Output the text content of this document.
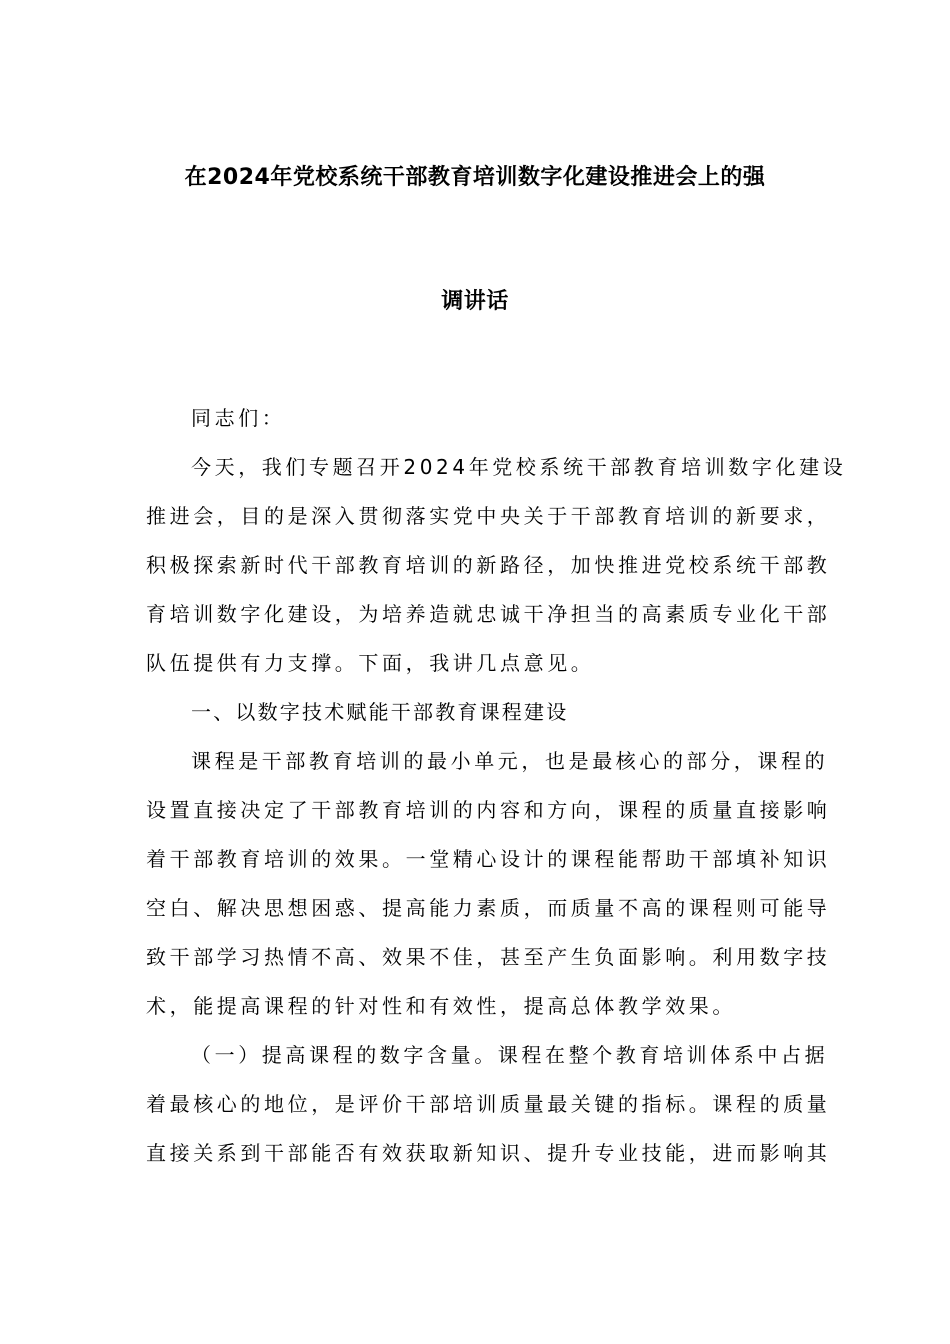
在2024年党校系统干部教育培训数字化建设推进会上的强
调讲话
同志们：
今天，我们专题召开2024年党校系统干部教育培训数字化建设
推进会，目的是深入贯彻落实党中央关于干部教育培训的新要求，
积极探索新时代干部教育培训的新路径，加快推进党校系统干部教
育培训数字化建设，为培养造就忠诚干净担当的高素质专业化干部
队伍提供有力支撑。下面，我讲几点意见。
一、以数字技术赋能干部教育课程建设
课程是干部教育培训的最小单元，也是最核心的部分，课程的
设置直接决定了干部教育培训的内容和方向，课程的质量直接影响
着干部教育培训的效果。一堂精心设计的课程能帮助干部填补知识
空白、解决思想困惑、提高能力素质，而质量不高的课程则可能导
致干部学习热情不高、效果不佳，甚至产生负面影响。利用数字技
术，能提高课程的针对性和有效性，提高总体教学效果。
（一）提高课程的数字含量。课程在整个教育培训体系中占据
着最核心的地位，是评价干部培训质量最关键的指标。课程的质量
直接关系到干部能否有效获取新知识、提升专业技能，进而影响其
